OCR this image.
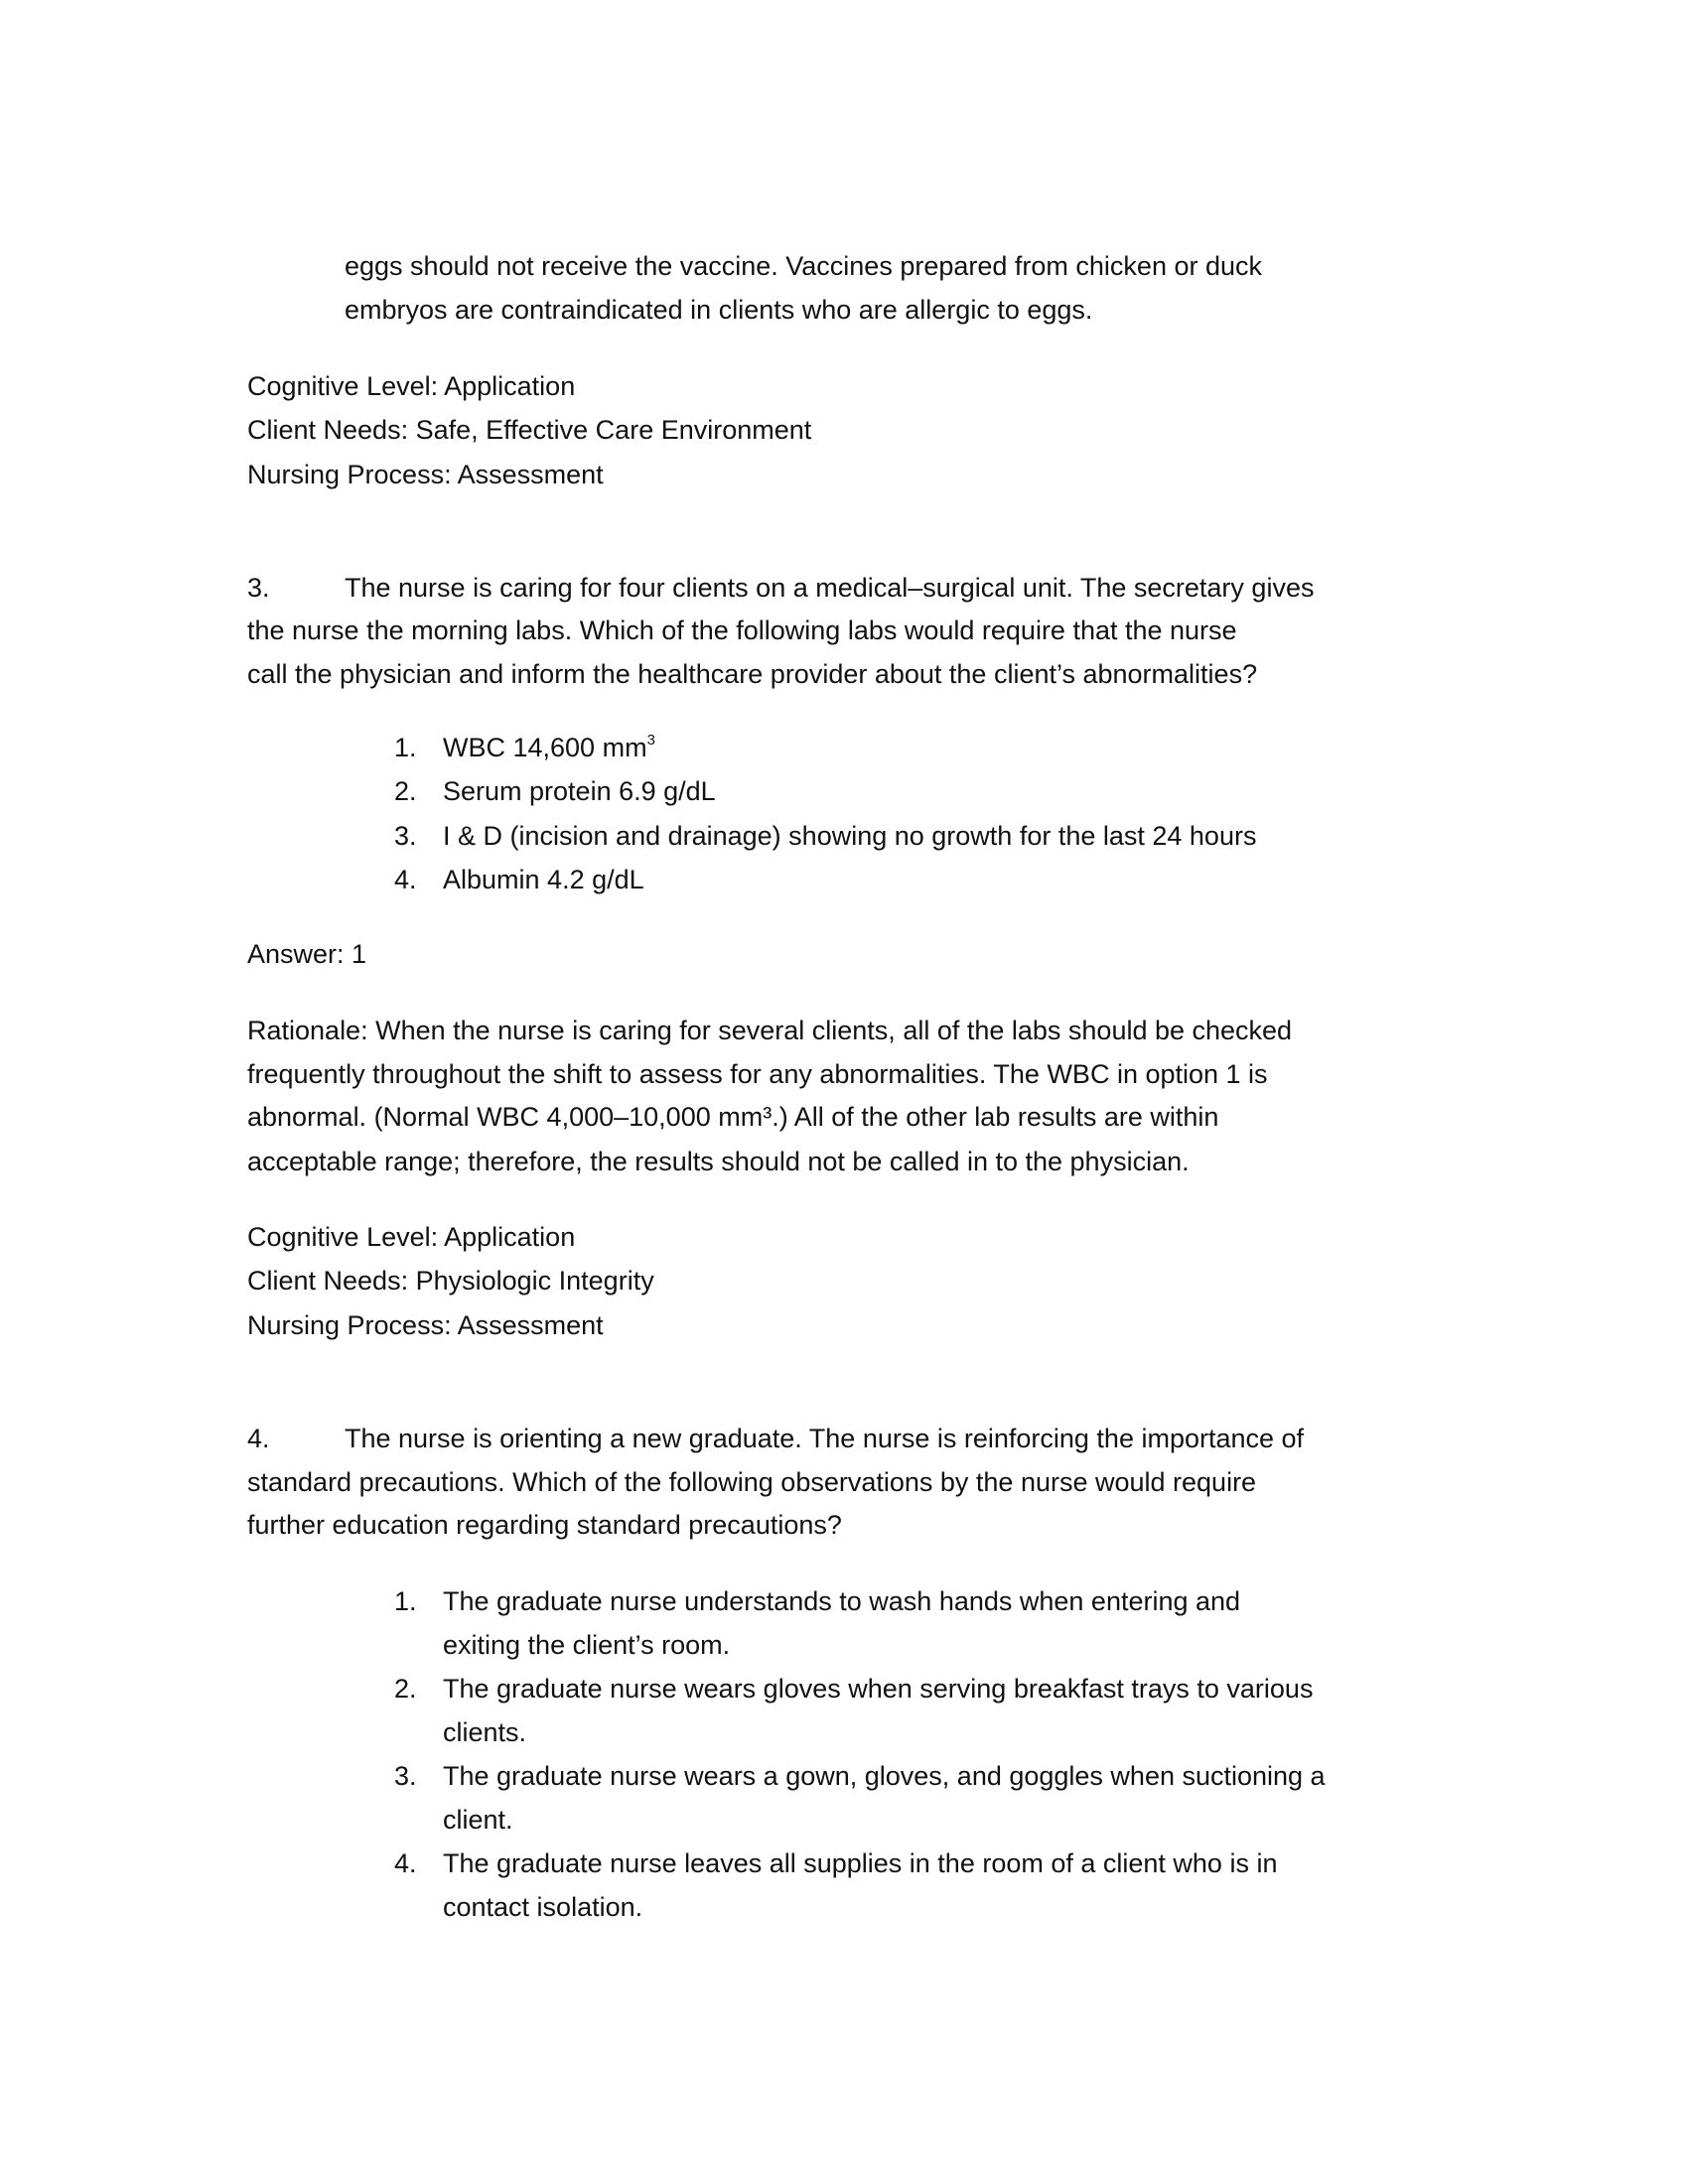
eggs should not receive the vaccine. Vaccines prepared from chicken or duck
embryos are contraindicated in clients who are allergic to eggs.
Cognitive Level: Application
Client Needs: Safe, Effective Care Environment
Nursing Process: Assessment
3.	The nurse is caring for four clients on a medical–surgical unit. The secretary gives
the nurse the morning labs. Which of the following labs would require that the nurse
call the physician and inform the healthcare provider about the client’s abnormalities?
1. WBC 14,600 $mm^3$
2. Serum protein 6.9 g/dL
3. I & D (incision and drainage) showing no growth for the last 24 hours
4. Albumin 4.2 g/dL
Answer: 1
Rationale: When the nurse is caring for several clients, all of the labs should be checked
frequently throughout the shift to assess for any abnormalities. The WBC in option 1 is
abnormal. (Normal WBC 4,000–10,000 mm³.) All of the other lab results are within
acceptable range; therefore, the results should not be called in to the physician.
Cognitive Level: Application
Client Needs: Physiologic Integrity
Nursing Process: Assessment
4.	The nurse is orienting a new graduate. The nurse is reinforcing the importance of
standard precautions. Which of the following observations by the nurse would require
further education regarding standard precautions?
1. The graduate nurse understands to wash hands when entering and
exiting the client’s room.
2. The graduate nurse wears gloves when serving breakfast trays to various
clients.
3. The graduate nurse wears a gown, gloves, and goggles when suctioning a
client.
4. The graduate nurse leaves all supplies in the room of a client who is in
contact isolation.
